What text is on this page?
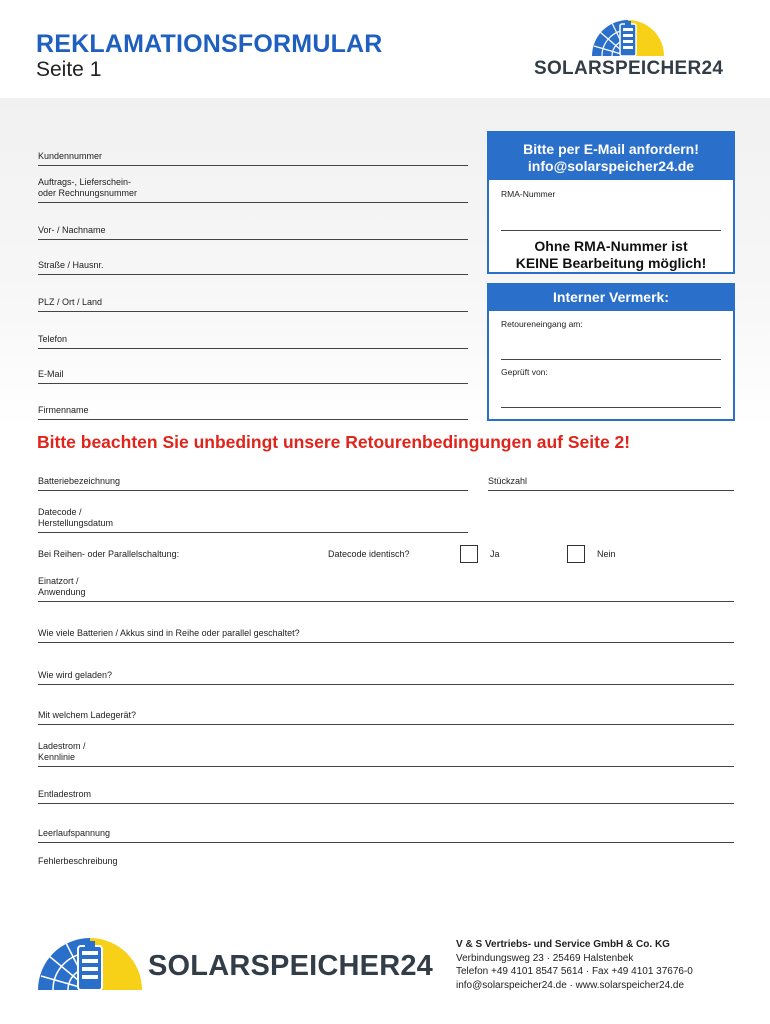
REKLAMATIONSFORMULAR
Seite 1	SOLARSPEICHER24
Kundennummer
Auftrags-, Lieferschein-
oder Rechnungsnummer
Vor- / Nachname
Straße / Hausnr.
PLZ / Ort / Land
Telefon
E-Mail
Firmenname
Bitte per E-Mail anfordern!
info@solarspeicher24.de
RMA-Nummer
Ohne RMA-Nummer ist
KEINE Bearbeitung möglich!
Interner Vermerk:
Retoureneingang am:
Geprüft von:
Bitte beachten Sie unbedingt unsere Retourenbedingungen auf Seite 2!
Batteriebezeichnung	Stückzahl
Datecode /
Herstellungsdatum
Bei Reihen- oder Parallelschaltung:	Datecode identisch?	Ja	Nein
Einatzort /
Anwendung
Wie viele Batterien / Akkus sind in Reihe oder parallel geschaltet?
Wie wird geladen?
Mit welchem Ladegerät?
Ladestrom /
Kennlinie
Entladestrom
Leerlaufspannung
Fehlerbeschreibung
SOLARSPEICHER24
V & S Vertriebs- und Service GmbH & Co. KG
Verbindungsweg 23 · 25469 Halstenbek
Telefon +49 4101 8547 5614 · Fax +49 4101 37676-0
info@solarspeicher24.de · www.solarspeicher24.de
